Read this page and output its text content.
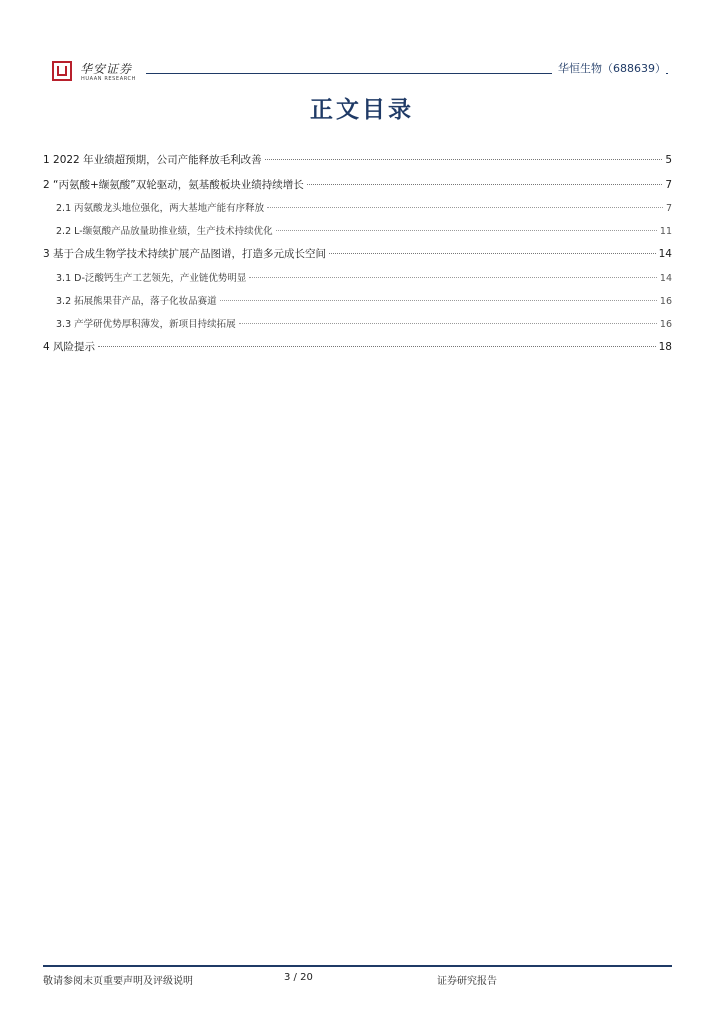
华安证券
HUAAN RESEARCH
华恒生物（688639）
正文目录
1 2022 年业绩超预期，公司产能释放毛利改善	5
2 “丙氨酸+缬氨酸”双轮驱动，氨基酸板块业绩持续增长	7
2.1 丙氨酸龙头地位强化，两大基地产能有序释放	7
2.2 L-缬氨酸产品放量助推业绩，生产技术持续优化	11
3 基于合成生物学技术持续扩展产品图谱，打造多元成长空间	14
3.1 D-泛酸钙生产工艺领先，产业链优势明显	14
3.2 拓展熊果苷产品，落子化妆品赛道	16
3.3 产学研优势厚积薄发，新项目持续拓展	16
4 风险提示	18
敬请参阅末页重要声明及评级说明	3 / 20	证券研究报告
